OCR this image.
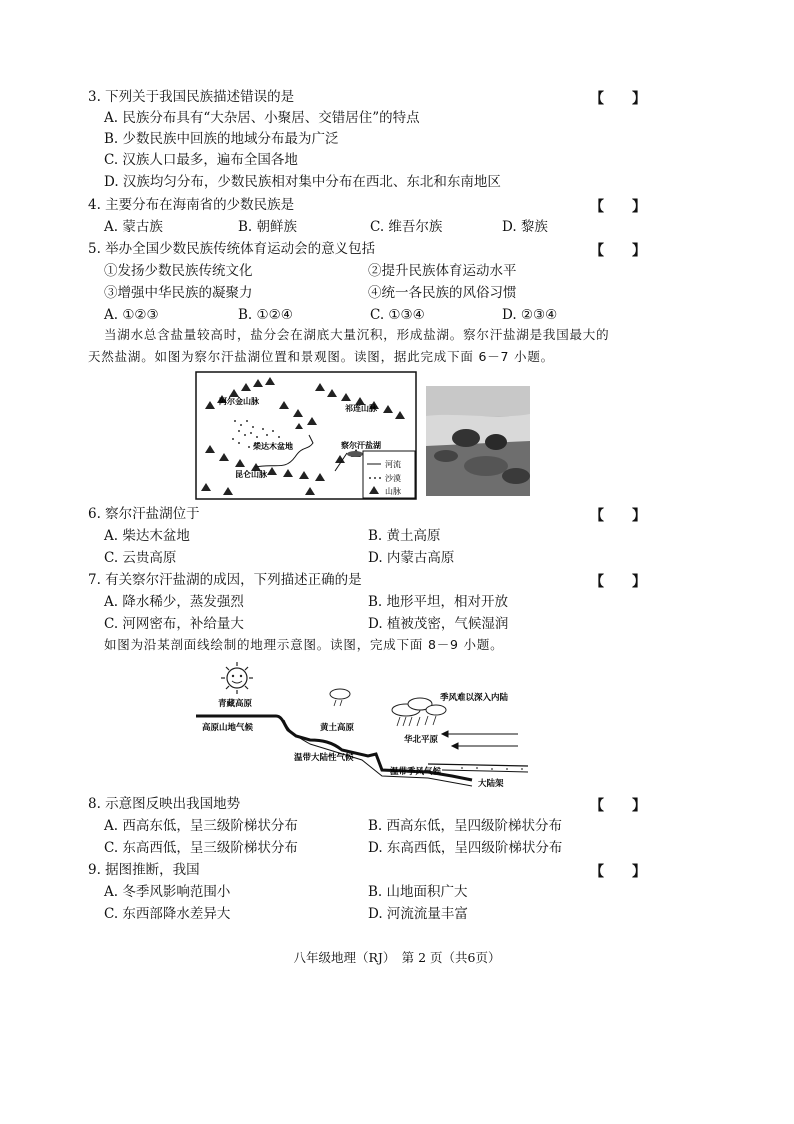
3. 下列关于我国民族描述错误的是	【　　】
A. 民族分布具有“大杂居、小聚居、交错居住”的特点
B. 少数民族中回族的地域分布最为广泛
C. 汉族人口最多，遍布全国各地
D. 汉族均匀分布，少数民族相对集中分布在西北、东北和东南地区
4. 主要分布在海南省的少数民族是	【　　】
A. 蒙古族	B. 朝鲜族	C. 维吾尔族	D. 黎族
5. 举办全国少数民族传统体育运动会的意义包括	【　　】
①发扬少数民族传统文化	②提升民族体育运动水平
③增强中华民族的凝聚力	④统一各民族的风俗习惯
A. ①②③	B. ①②④	C. ①③④	D. ②③④
当湖水总含盐量较高时，盐分会在湖底大量沉积，形成盐湖。察尔汗盐湖是我国最大的
天然盐湖。如图为察尔汗盐湖位置和景观图。读图，据此完成下面 6－7 小题。
阿尔金山脉
祁连山脉
柴达木盆地
昆仑山脉
察尔汗盐湖
河流
沙漠
山脉
6. 察尔汗盐湖位于	【　　】
A. 柴达木盆地	B. 黄土高原
C. 云贵高原	D. 内蒙古高原
7. 有关察尔汗盐湖的成因，下列描述正确的是	【　　】
A. 降水稀少，蒸发强烈	B. 地形平坦，相对开放
C. 河网密布，补给量大	D. 植被茂密，气候湿润
如图为沿某剖面线绘制的地理示意图。读图，完成下面 8－9 小题。
青藏高原
高原山地气候	黄土高原
温带大陆性气候
季风难以深入内陆
华北平原
温带季风气候
大陆架
8. 示意图反映出我国地势	【　　】
A. 西高东低，呈三级阶梯状分布	B. 西高东低，呈四级阶梯状分布
C. 东高西低，呈三级阶梯状分布	D. 东高西低，呈四级阶梯状分布
9. 据图推断，我国	【　　】
A. 冬季风影响范围小	B. 山地面积广大
C. 东西部降水差异大	D. 河流流量丰富
八年级地理（RJ）　第 2 页（共6页）
